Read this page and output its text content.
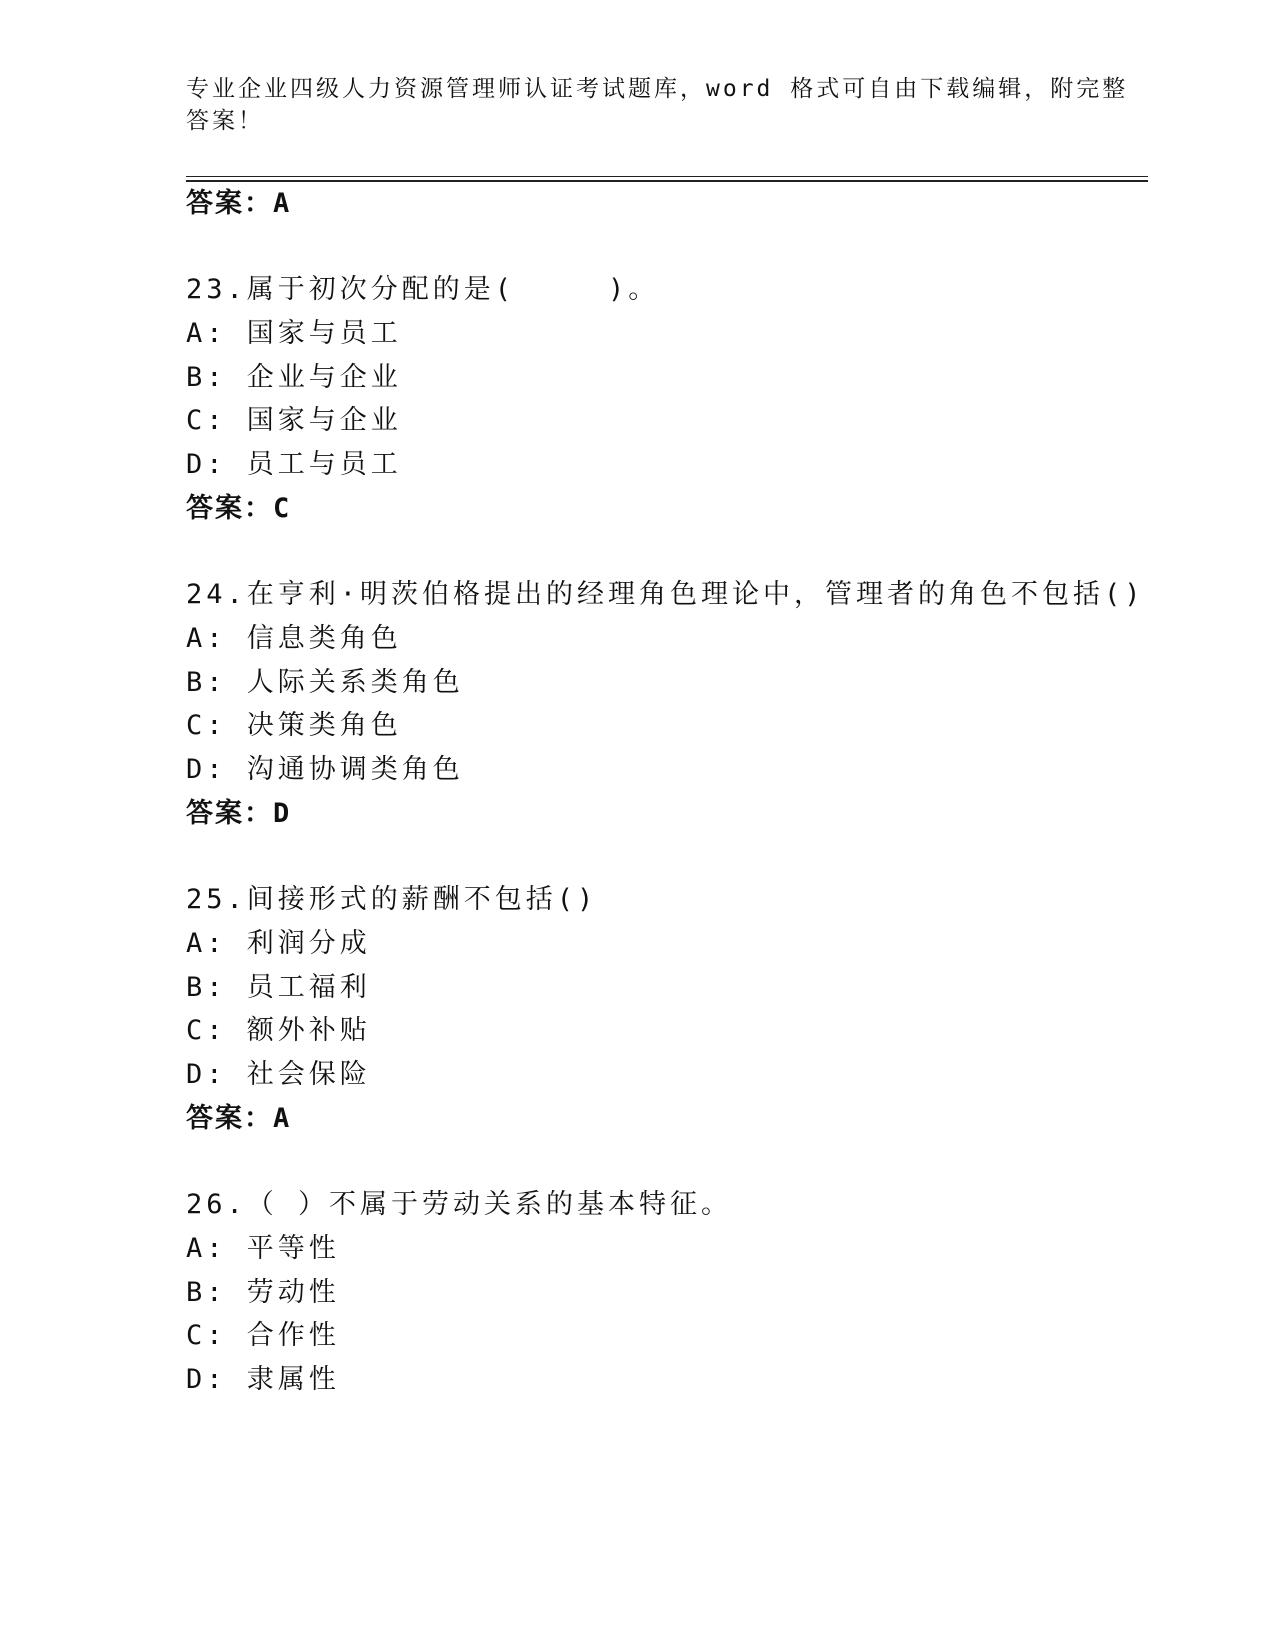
专业企业四级人力资源管理师认证考试题库，word 格式可自由下载编辑，附完整
答案！
答案：A
23.属于初次分配的是(　　　)。
A: 国家与员工
B: 企业与企业
C: 国家与企业
D: 员工与员工
答案：C
24.在亨利·明茨伯格提出的经理角色理论中，管理者的角色不包括()
A: 信息类角色
B: 人际关系类角色
C: 决策类角色
D: 沟通协调类角色
答案：D
25.间接形式的薪酬不包括()
A: 利润分成
B: 员工福利
C: 额外补贴
D: 社会保险
答案：A
26.（ ）不属于劳动关系的基本特征。
A: 平等性
B: 劳动性
C: 合作性
D: 隶属性
